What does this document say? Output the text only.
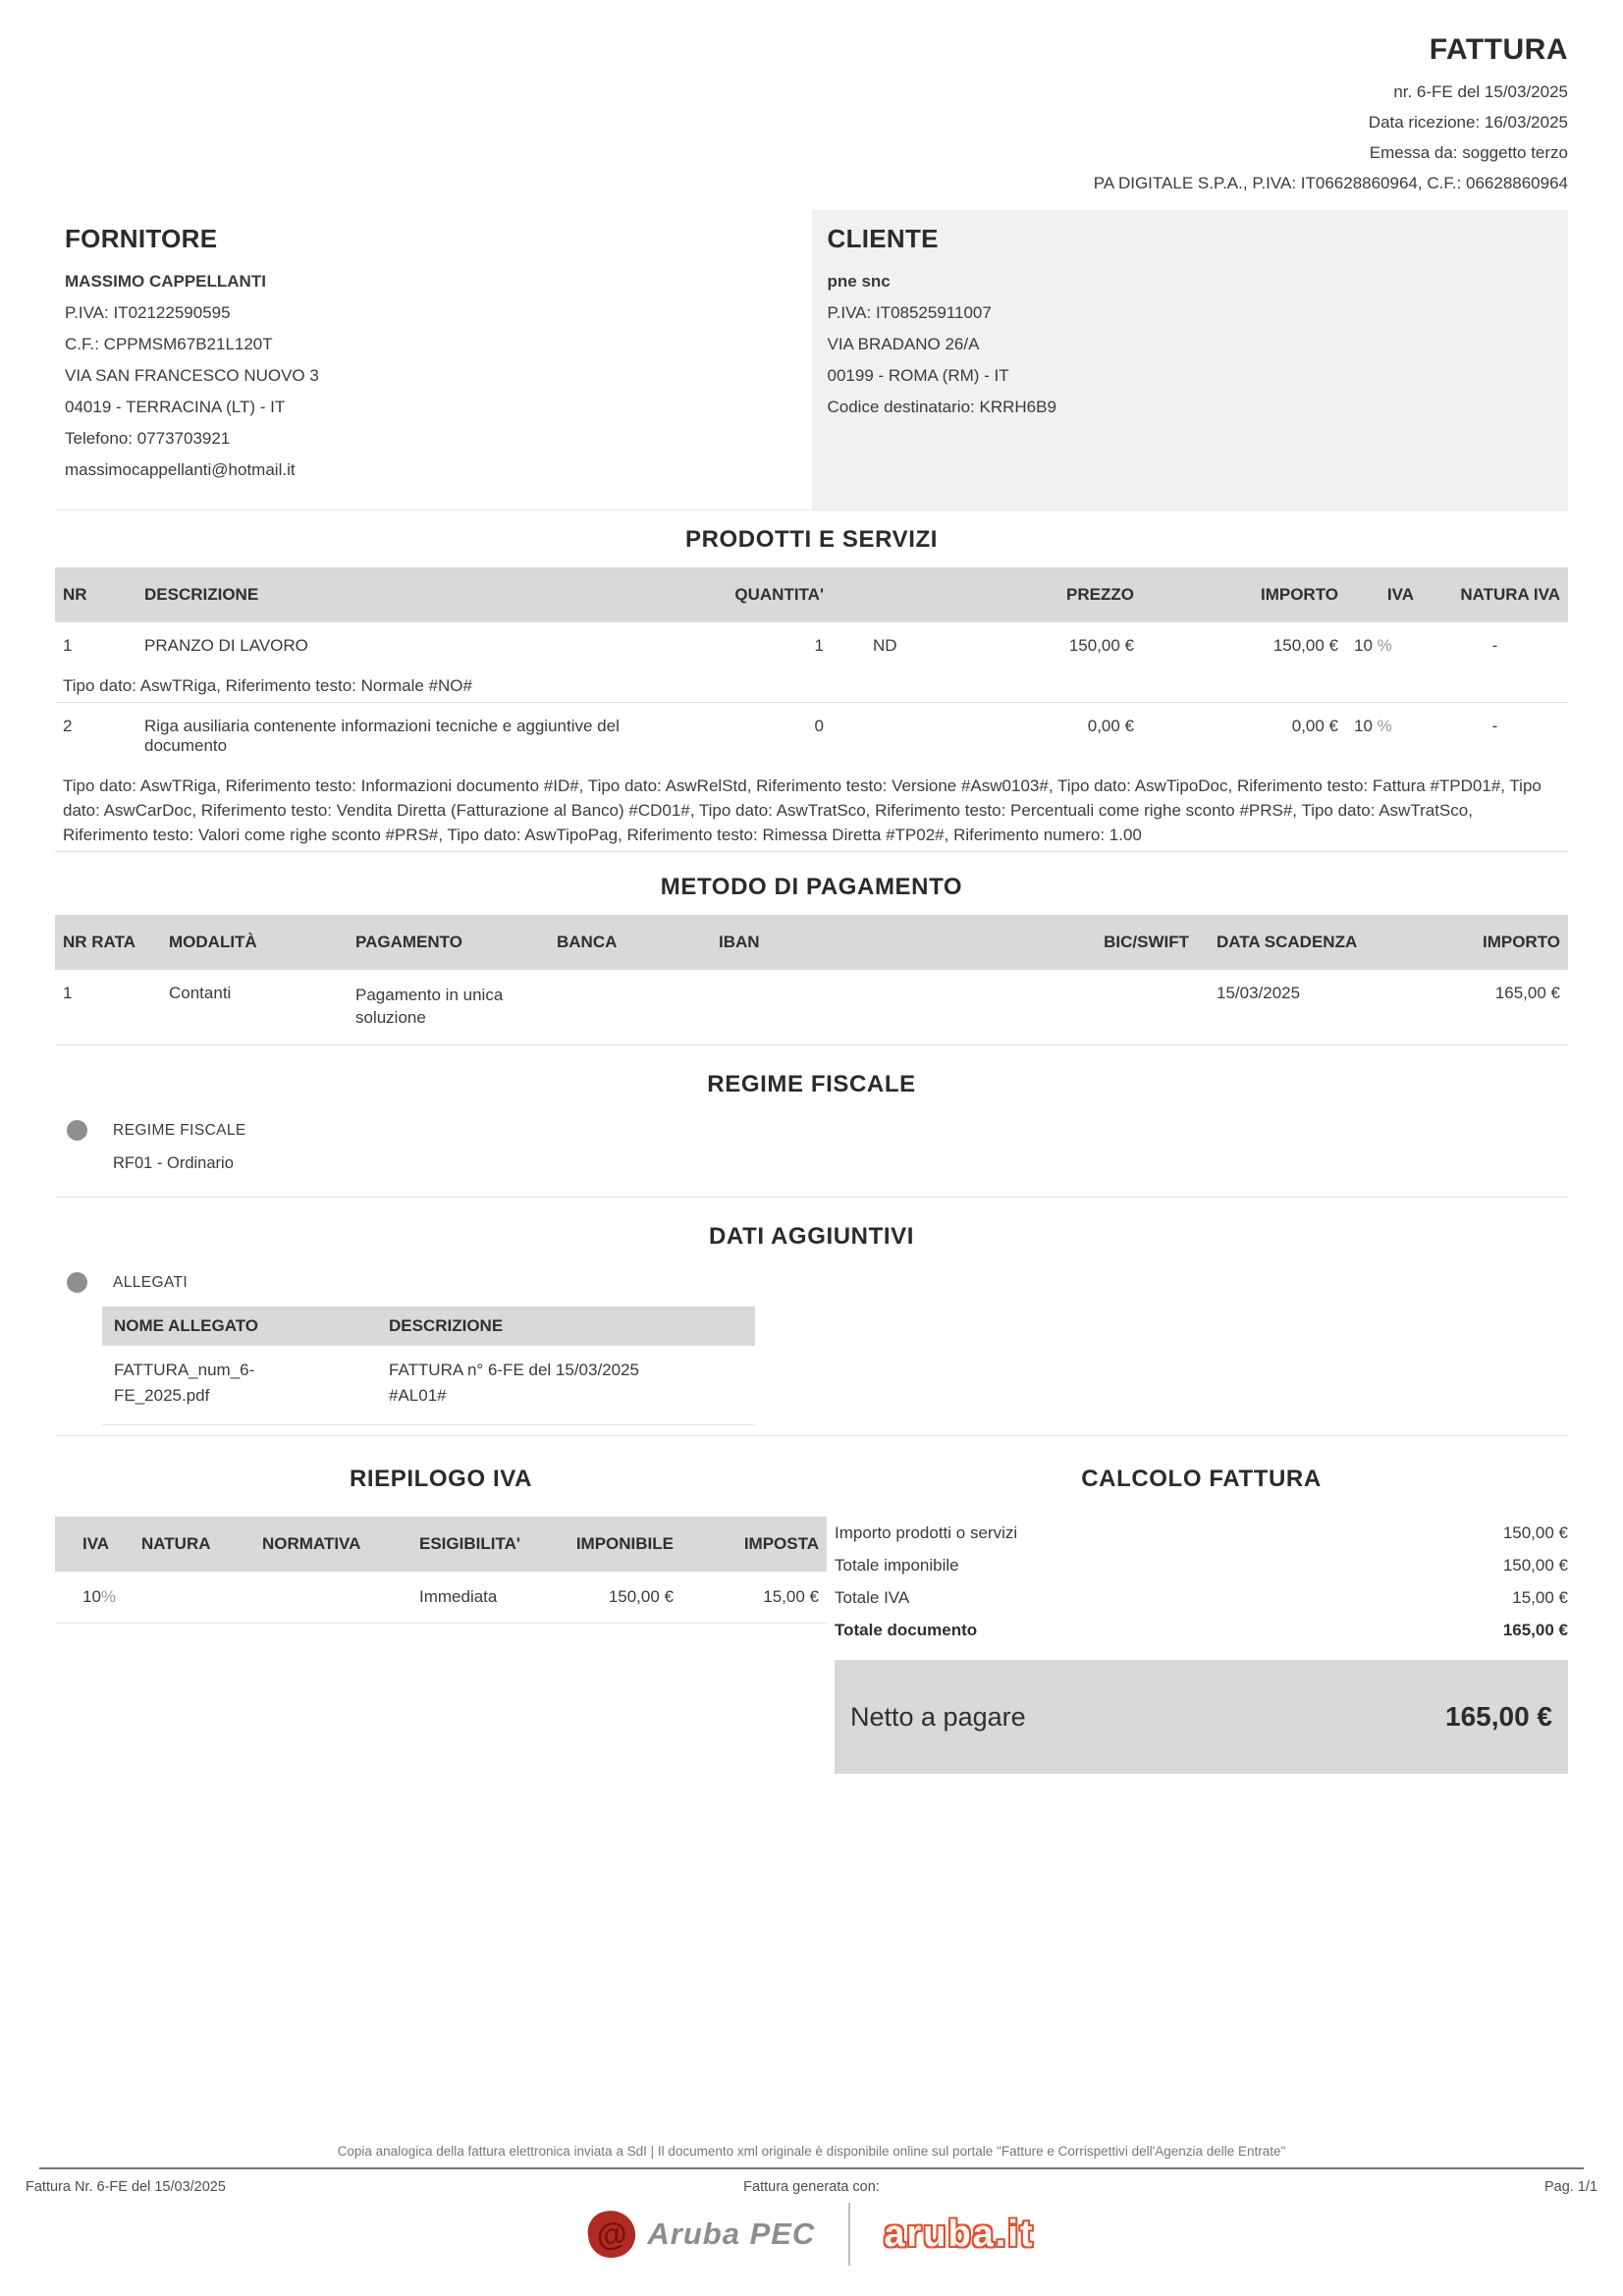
FATTURA
nr. 6-FE del 15/03/2025
Data ricezione: 16/03/2025
Emessa da: soggetto terzo
PA DIGITALE S.P.A., P.IVA: IT06628860964, C.F.: 06628860964
FORNITORE
MASSIMO CAPPELLANTI
P.IVA: IT02122590595
C.F.: CPPMSM67B21L120T
VIA SAN FRANCESCO NUOVO 3
04019 - TERRACINA (LT) - IT
Telefono: 0773703921
massimocappellanti@hotmail.it
CLIENTE
pne snc
P.IVA: IT08525911007
VIA BRADANO 26/A
00199 - ROMA (RM) - IT
Codice destinatario: KRRH6B9
PRODOTTI E SERVIZI
NR	DESCRIZIONE	QUANTITA'		PREZZO	IMPORTO	IVA	NATURA IVA
1	PRANZO DI LAVORO	1	ND	150,00 €	150,00 €	10 %	-
Tipo dato: AswTRiga, Riferimento testo: Normale #NO#							
2	Riga ausiliaria contenente informazioni tecniche e aggiuntive del documento	0		0,00 €	0,00 €	10 %	-
Tipo dato: AswTRiga, Riferimento testo: Informazioni documento #ID#, Tipo dato: AswRelStd, Riferimento testo: Versione #Asw0103#, Tipo dato: AswTipoDoc, Riferimento testo: Fattura #TPD01#, Tipo dato: AswCarDoc, Riferimento testo: Vendita Diretta (Fatturazione al Banco) #CD01#, Tipo dato: AswTratSco, Riferimento testo: Percentuali come righe sconto #PRS#, Tipo dato: AswTratSco, Riferimento testo: Valori come righe sconto #PRS#, Tipo dato: AswTipoPag, Riferimento testo: Rimessa Diretta #TP02#, Riferimento numero: 1.00							
METODO DI PAGAMENTO
NR RATA	MODALITÀ	PAGAMENTO	BANCA	IBAN	BIC/SWIFT	DATA SCADENZA	IMPORTO
1	Contanti	Pagamento in unica soluzione				15/03/2025	165,00 €
REGIME FISCALE
REGIME FISCALE
RF01 - Ordinario
DATI AGGIUNTIVI
ALLEGATI
NOME ALLEGATO	DESCRIZIONE

FATTURA_num_6-FE_2025.pdf	FATTURA n° 6-FE del 15/03/2025 #AL01#
RIEPILOGO IVA
IVA	NATURA	NORMATIVA	ESIGIBILITA'	IMPONIBILE	IMPOSTA
10%			Immediata	150,00 €	15,00 €
CALCOLO FATTURA
Importo prodotti o servizi	150,00 €
Totale imponibile	150,00 €
Totale IVA	15,00 €
Totale documento	165,00 €
Netto a pagare	165,00 €
Copia analogica della fattura elettronica inviata a SdI | Il documento xml originale è disponibile online sul portale "Fatture e Corrispettivi dell'Agenzia delle Entrate"
Fattura Nr. 6-FE del 15/03/2025	Fattura generata con:	Pag. 1/1
@ Aruba PEC aruba.it
